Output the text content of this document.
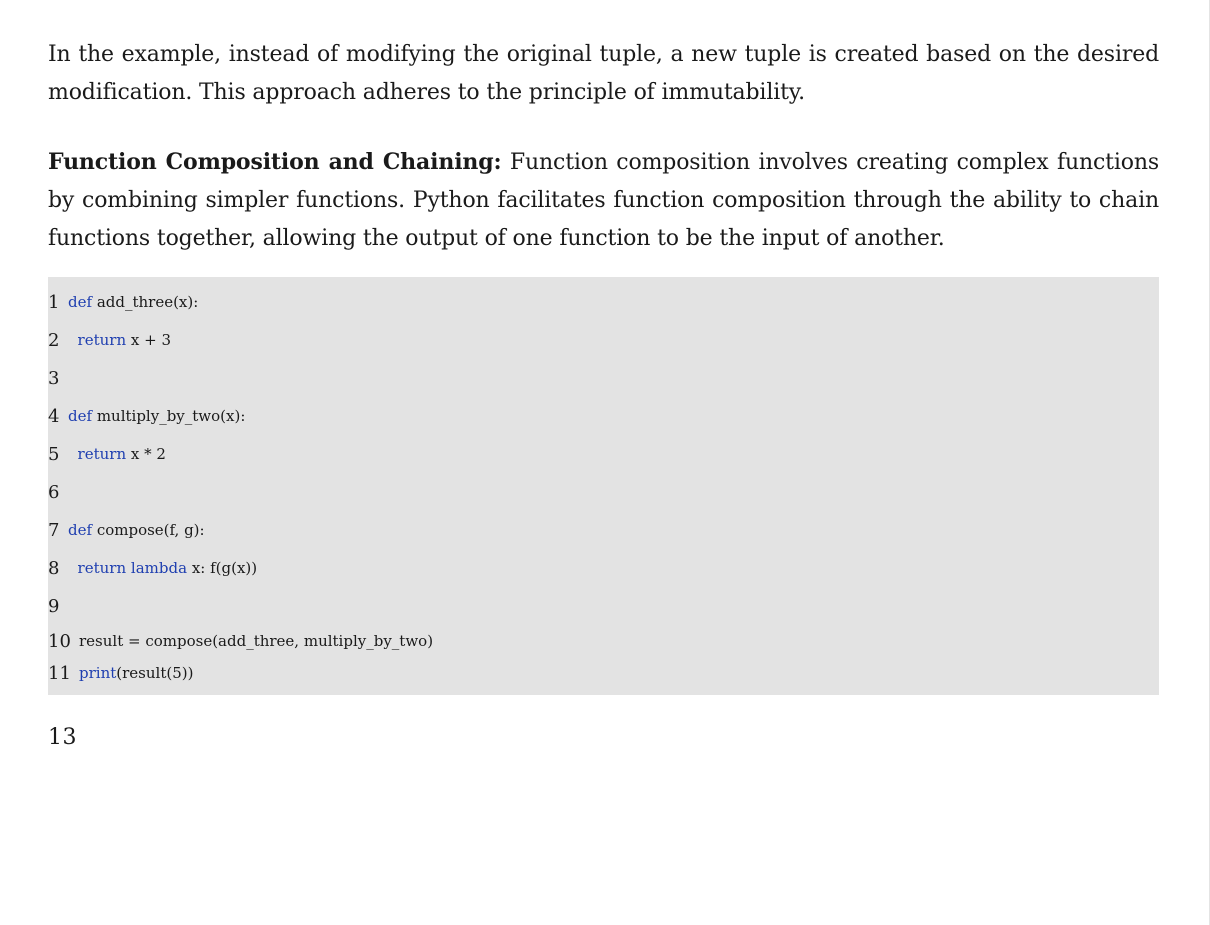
In the example, instead of modifying the original tuple, a new tuple is created based on the desired modification. This approach adheres to the principle of immutability.

Function Composition and Chaining: Function composition involves creating complex functions by combining simpler functions. Python facilitates function composition through the ability to chain functions together, allowing the output of one function to be the input of another.

1 def add_three(x):
2	return x + 3
3
4 def multiply_by_two(x):
5	return x * 2
6
7 def compose(f, g):
8	return lambda x: f(g(x))
9
10 result = compose(add_three, multiply_by_two)
11 print(result(5))
13
